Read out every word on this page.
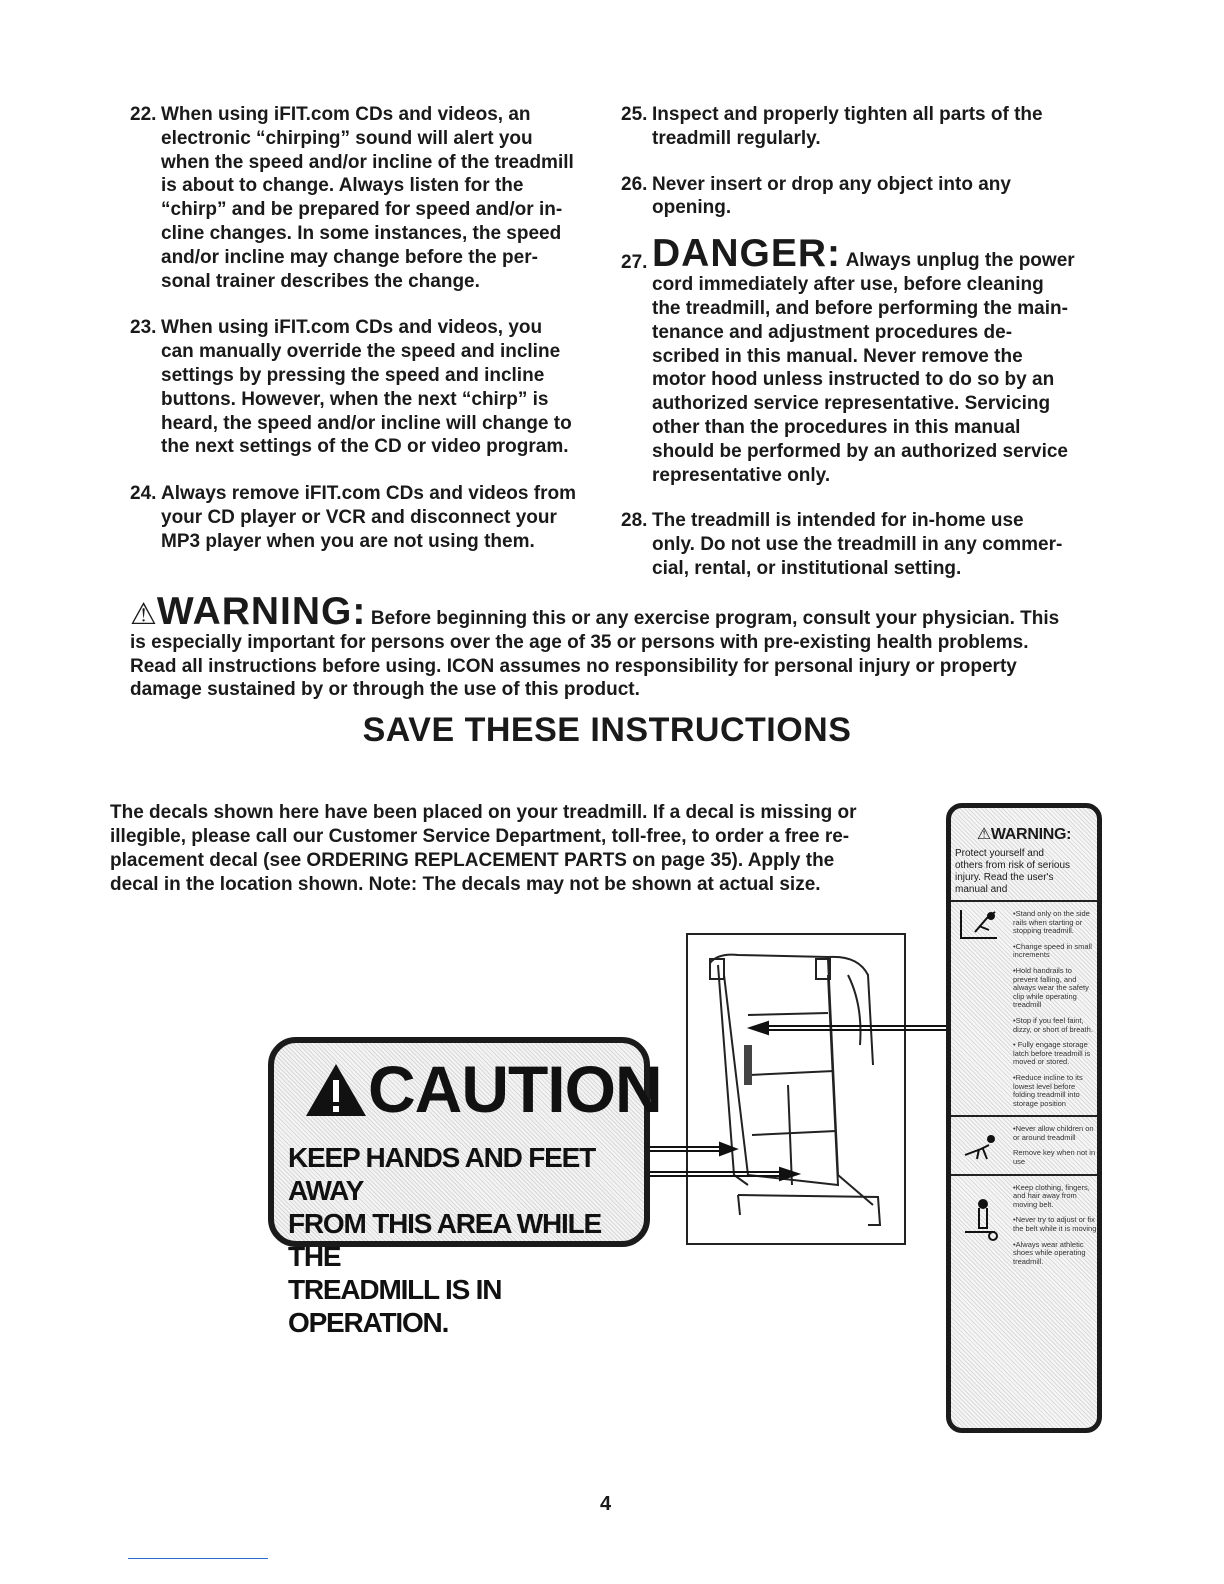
22. When using iFIT.com CDs and videos, an
electronic “chirping” sound will alert you
when the speed and/or incline of the treadmill
is about to change. Always listen for the
“chirp” and be prepared for speed and/or in-
cline changes. In some instances, the speed
and/or incline may change before the per-
sonal trainer describes the change.
23. When using iFIT.com CDs and videos, you
can manually override the speed and incline
settings by pressing the speed and incline
buttons. However, when the next “chirp” is
heard, the speed and/or incline will change to
the next settings of the CD or video program.
24. Always remove iFIT.com CDs and videos from
your CD player or VCR and disconnect your
MP3 player when you are not using them.
25. Inspect and properly tighten all parts of the
treadmill regularly.
26. Never insert or drop any object into any
opening.
27. DANGER: Always unplug the power
cord immediately after use, before cleaning
the treadmill, and before performing the main-
tenance and adjustment procedures de-
scribed in this manual. Never remove the
motor hood unless instructed to do so by an
authorized service representative. Servicing
other than the procedures in this manual
should be performed by an authorized service
representative only.
28. The treadmill is intended for in-home use
only. Do not use the treadmill in any commer-
cial, rental, or institutional setting.
⚠WARNING: Before beginning this or any exercise program, consult your physician. This
is especially important for persons over the age of 35 or persons with pre-existing health problems.
Read all instructions before using. ICON assumes no responsibility for personal injury or property
damage sustained by or through the use of this product.
SAVE THESE INSTRUCTIONS
The decals shown here have been placed on your treadmill. If a decal is missing or
illegible, please call our Customer Service Department, toll-free, to order a free re-
placement decal (see ORDERING REPLACEMENT PARTS on page 35). Apply the
decal in the location shown. Note: The decals may not be shown at actual size.
CAUTION
KEEP HANDS AND FEET AWAY
FROM THIS AREA WHILE THE
TREADMILL IS IN OPERATION.
⚠WARNING:
Protect yourself and
others from risk of serious
injury. Read the user's
manual and
•Stand only on the side rails when starting or stopping treadmill.
•Change speed in small increments
•Hold handrails to prevent falling, and always wear the safety clip while operating treadmill
•Stop if you feel faint, dizzy, or short of breath.
• Fully engage storage latch before treadmill is moved or stored.
•Reduce incline to its lowest level before folding treadmill into storage position
•Never allow children on or around treadmill
Remove key when not in use
•Keep clothing, fingers, and hair away from moving belt.
•Never try to adjust or fix the belt while it is moving
•Always wear athletic shoes while operating treadmill.
4
